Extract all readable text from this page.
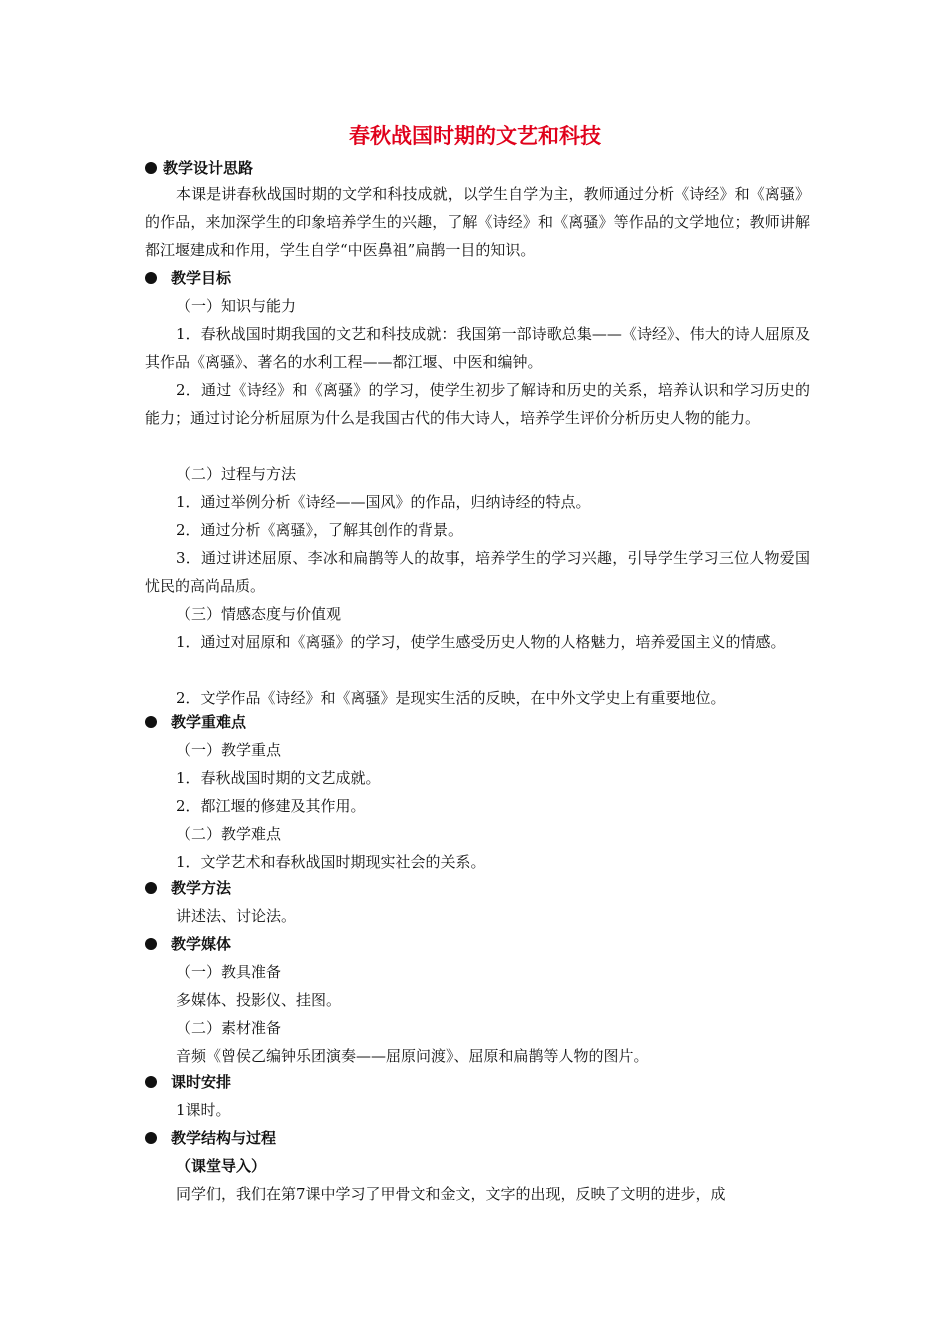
春秋战国时期的文艺和科技
教学设计思路
本课是讲春秋战国时期的文学和科技成就，以学生自学为主，教师通过分析《诗经》和《离骚》的作品，来加深学生的印象培养学生的兴趣，了解《诗经》和《离骚》等作品的文学地位；教师讲解都江堰建成和作用，学生自学“中医鼻祖”扁鹊一目的知识。
教学目标
（一）知识与能力
1．春秋战国时期我国的文艺和科技成就：我国第一部诗歌总集——《诗经》、伟大的诗人屈原及其作品《离骚》、著名的水利工程——都江堰、中医和编钟。
2．通过《诗经》和《离骚》的学习，使学生初步了解诗和历史的关系，培养认识和学习历史的能力；通过讨论分析屈原为什么是我国古代的伟大诗人，培养学生评价分析历史人物的能力。
（二）过程与方法
1．通过举例分析《诗经——国风》的作品，归纳诗经的特点。
2．通过分析《离骚》，了解其创作的背景。
3．通过讲述屈原、李冰和扁鹊等人的故事，培养学生的学习兴趣，引导学生学习三位人物爱国忧民的高尚品质。
（三）情感态度与价值观
1．通过对屈原和《离骚》的学习，使学生感受历史人物的人格魅力，培养爱国主义的情感。
2．文学作品《诗经》和《离骚》是现实生活的反映，在中外文学史上有重要地位。
教学重难点
（一）教学重点
1．春秋战国时期的文艺成就。
2．都江堰的修建及其作用。
（二）教学难点
1．文学艺术和春秋战国时期现实社会的关系。
教学方法
讲述法、讨论法。
教学媒体
（一）教具准备
多媒体、投影仪、挂图。
（二）素材准备
音频《曾侯乙编钟乐团演奏——屈原问渡》、屈原和扁鹊等人物的图片。
课时安排
1课时。
教学结构与过程
（课堂导入）
同学们，我们在第7课中学习了甲骨文和金文，文字的出现，反映了文明的进步，成
